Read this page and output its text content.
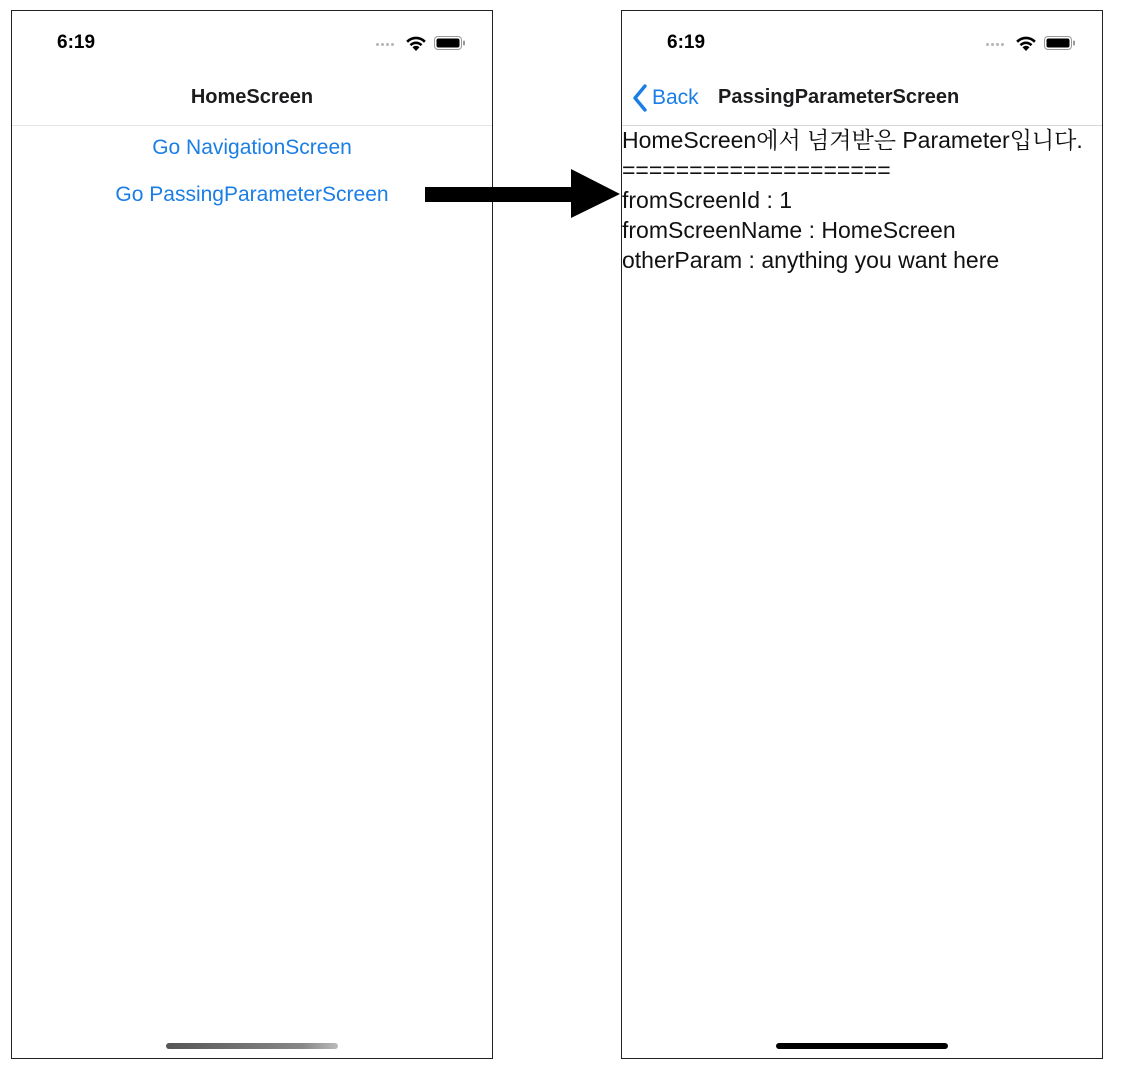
6:19
HomeScreen
Go NavigationScreen
Go PassingParameterScreen
6:19
Back PassingParameterScreen
HomeScreen에서 넘겨받은 Parameter입니다.
====================
fromScreenId : 1
fromScreenName : HomeScreen
otherParam : anything you want here
